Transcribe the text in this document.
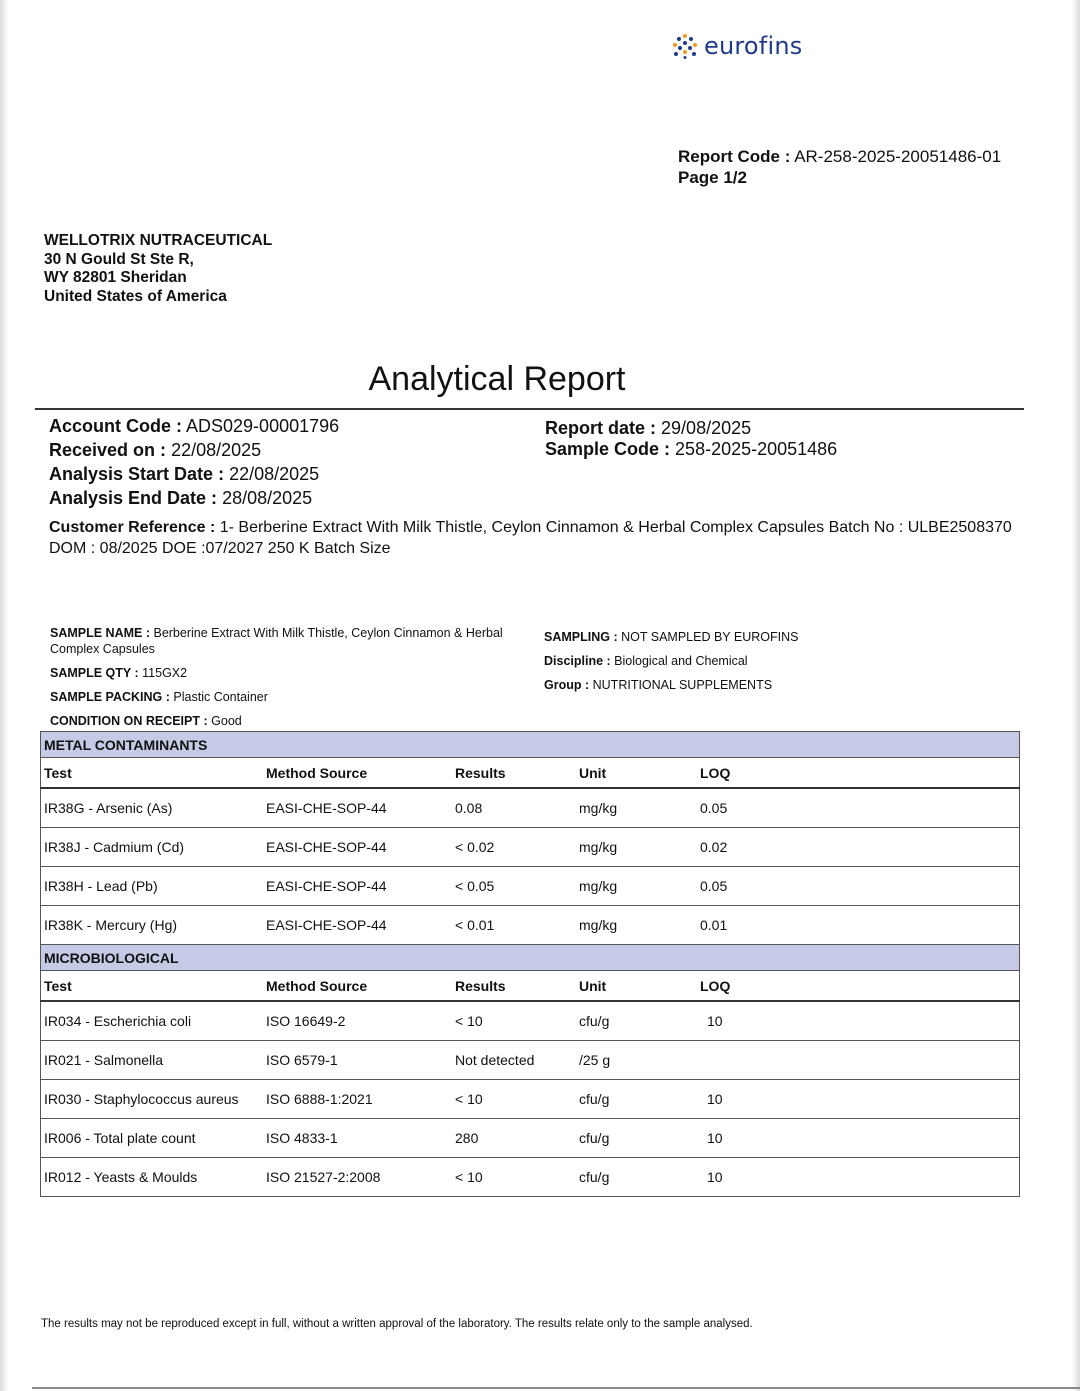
eurofins
Report Code : AR-258-2025-20051486-01
Page 1/2
WELLOTRIX NUTRACEUTICAL
30 N Gould St Ste R,
WY 82801 Sheridan
United States of America
Analytical Report
Account Code : ADS029-00001796
Received on : 22/08/2025
Analysis Start Date : 22/08/2025
Analysis End Date : 28/08/2025
Report date : 29/08/2025
Sample Code : 258-2025-20051486
Customer Reference : 1- Berberine Extract With Milk Thistle, Ceylon Cinnamon & Herbal Complex Capsules Batch No : ULBE2508370 DOM : 08/2025 DOE :07/2027 250 K Batch Size
SAMPLE NAME : Berberine Extract With Milk Thistle, Ceylon Cinnamon & Herbal Complex Capsules
SAMPLE QTY : 115GX2
SAMPLE PACKING : Plastic Container
CONDITION ON RECEIPT : Good
SAMPLING : NOT SAMPLED BY EUROFINS
Discipline : Biological and Chemical
Group : NUTRITIONAL SUPPLEMENTS
METAL CONTAMINANTS				
Test	Method Source	Results	Unit	LOQ
IR38G - Arsenic (As)	EASI-CHE-SOP-44	0.08	mg/kg	0.05
IR38J - Cadmium (Cd)	EASI-CHE-SOP-44	< 0.02	mg/kg	0.02
IR38H - Lead (Pb)	EASI-CHE-SOP-44	< 0.05	mg/kg	0.05
IR38K - Mercury (Hg)	EASI-CHE-SOP-44	< 0.01	mg/kg	0.01
MICROBIOLOGICAL				
Test	Method Source	Results	Unit	LOQ
IR034 - Escherichia coli	ISO 16649-2	< 10	cfu/g	10
IR021 - Salmonella	ISO 6579-1	Not detected	/25 g	
IR030 - Staphylococcus aureus	ISO 6888-1:2021	< 10	cfu/g	10
IR006 - Total plate count	ISO 4833-1	280	cfu/g	10
IR012 - Yeasts & Moulds	ISO 21527-2:2008	< 10	cfu/g	10
The results may not be reproduced except in full, without a written approval of the laboratory. The results relate only to the sample analysed.
